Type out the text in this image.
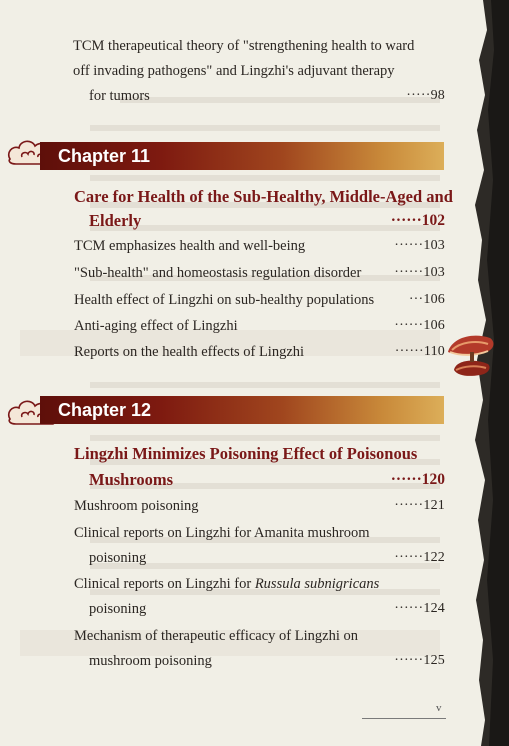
TCM therapeutical theory of "strengthening health to ward
off invading pathogens" and Lingzhi's adjuvant therapy
for tumors	·····98
Chapter 11
Care for Health of the Sub-Healthy, Middle-Aged and
Elderly	······102
TCM emphasizes health and well-being	······103
"Sub-health" and homeostasis regulation disorder ······103
Health effect of Lingzhi on sub-healthy populations ···106
Anti-aging effect of Lingzhi	······106
Reports on the health effects of Lingzhi	······110
Chapter 12
Lingzhi Minimizes Poisoning Effect of Poisonous
Mushrooms	······120
Mushroom poisoning	······121
Clinical reports on Lingzhi for Amanita mushroom
poisoning	······122
Clinical reports on Lingzhi for Russula subnigricans
poisoning	······124
Mechanism of therapeutic efficacy of Lingzhi on
mushroom poisoning	······125
v
